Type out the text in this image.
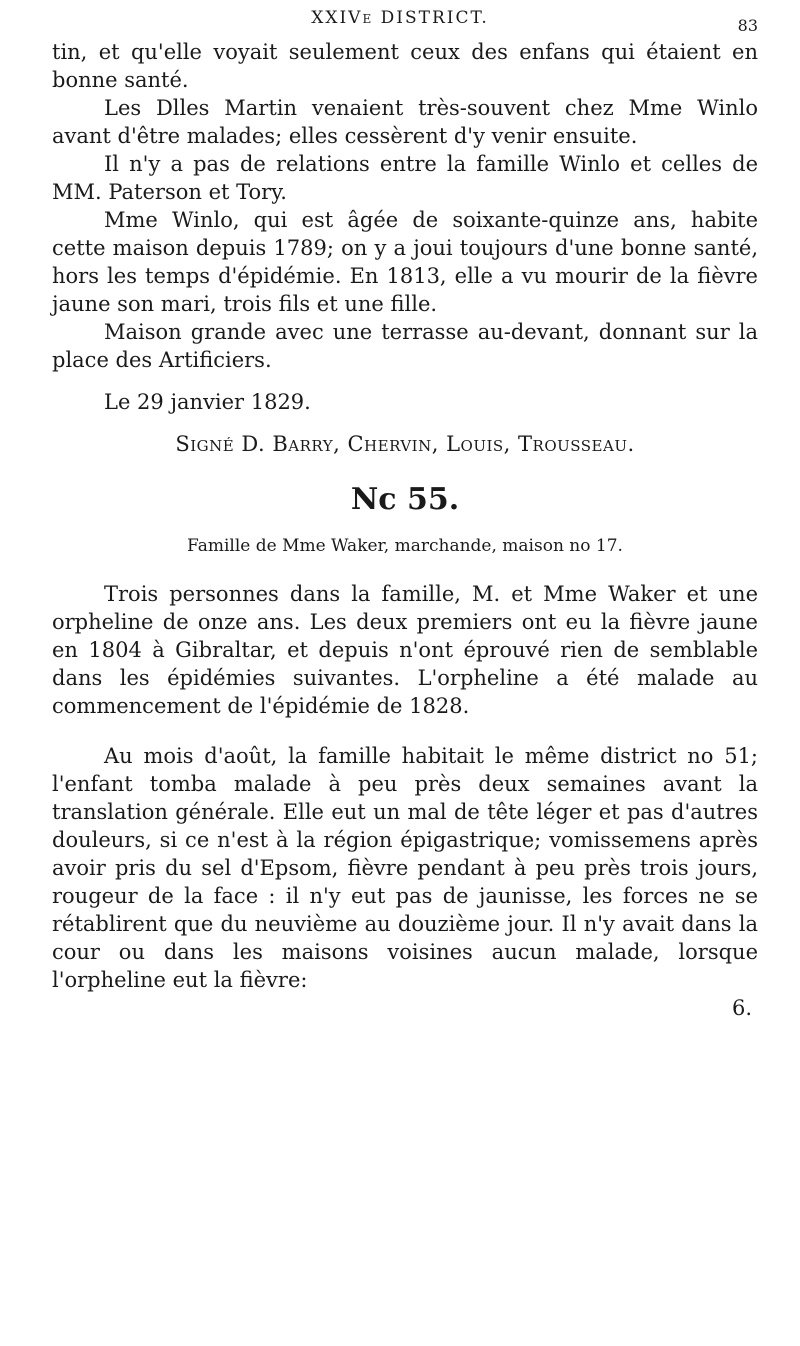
XXIVe DISTRICT.	83

tin, et qu'elle voyait seulement ceux des enfans qui étaient en bonne santé.

Les Dlles Martin venaient très-souvent chez Mme Winlo avant d'être malades; elles cessèrent d'y venir ensuite.

Il n'y a pas de relations entre la famille Winlo et celles de MM. Paterson et Tory.

Mme Winlo, qui est âgée de soixante-quinze ans, habite cette maison depuis 1789; on y a joui toujours d'une bonne santé, hors les temps d'épidémie. En 1813, elle a vu mourir de la fièvre jaune son mari, trois fils et une fille.

Maison grande avec une terrasse au-devant, donnant sur la place des Artificiers.

Le 29 janvier 1829.

Signé D. Barry, Chervin, Louis, Trousseau.

Nc 55.

Famille de Mme Waker, marchande, maison no 17.

Trois personnes dans la famille, M. et Mme Waker et une orpheline de onze ans. Les deux premiers ont eu la fièvre jaune en 1804 à Gibraltar, et depuis n'ont éprouvé rien de semblable dans les épidémies suivantes. L'orpheline a été malade au commencement de l'épidémie de 1828.

Au mois d'août, la famille habitait le même district no 51; l'enfant tomba malade à peu près deux semaines avant la translation générale. Elle eut un mal de tête léger et pas d'autres douleurs, si ce n'est à la région épigastrique; vomissemens après avoir pris du sel d'Epsom, fièvre pendant à peu près trois jours, rougeur de la face : il n'y eut pas de jaunisse, les forces ne se rétablirent que du neuvième au douzième jour. Il n'y avait dans la cour ou dans les maisons voisines aucun malade, lorsque l'orpheline eut la fièvre:

6.
